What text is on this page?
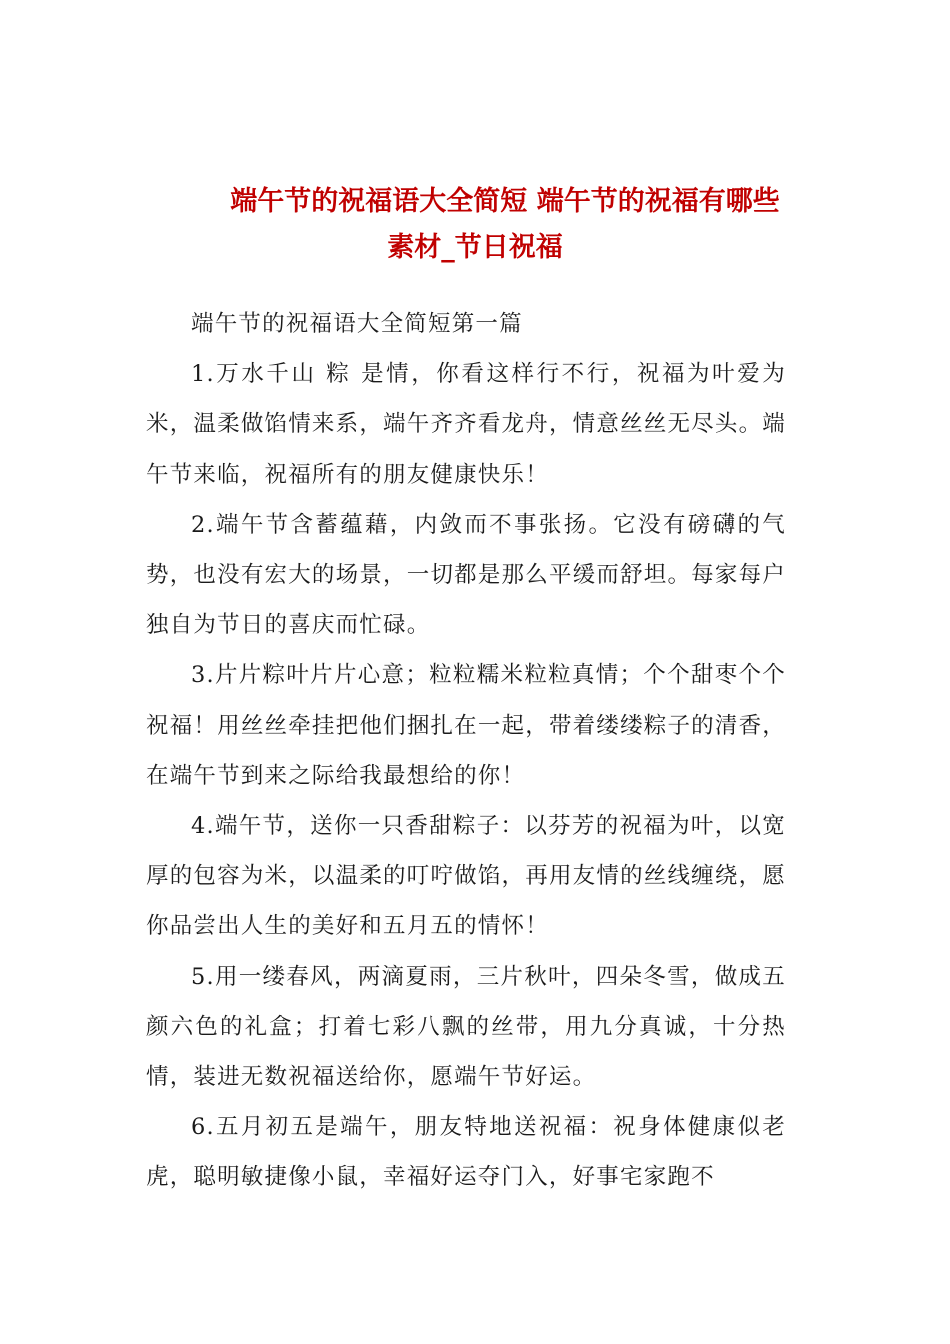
端午节的祝福语大全简短 端午节的祝福有哪些
素材_节日祝福

端午节的祝福语大全简短第一篇

1.万水千山 粽 是情，你看这样行不行，祝福为叶爱为米，温柔做馅情来系，端午齐齐看龙舟，情意丝丝无尽头。端午节来临，祝福所有的朋友健康快乐！

2.端午节含蓄蕴藉，内敛而不事张扬。它没有磅礴的气势，也没有宏大的场景，一切都是那么平缓而舒坦。每家每户独自为节日的喜庆而忙碌。

3.片片粽叶片片心意；粒粒糯米粒粒真情；个个甜枣个个祝福！用丝丝牵挂把他们捆扎在一起，带着缕缕粽子的清香，在端午节到来之际给我最想给的你！

4.端午节，送你一只香甜粽子：以芬芳的祝福为叶，以宽厚的包容为米，以温柔的叮咛做馅，再用友情的丝线缠绕，愿你品尝出人生的美好和五月五的情怀！

5.用一缕春风，两滴夏雨，三片秋叶，四朵冬雪，做成五颜六色的礼盒；打着七彩八飘的丝带，用九分真诚，十分热情，装进无数祝福送给你，愿端午节好运。

6.五月初五是端午，朋友特地送祝福：祝身体健康似老虎，聪明敏捷像小鼠，幸福好运夺门入，好事宅家跑不
